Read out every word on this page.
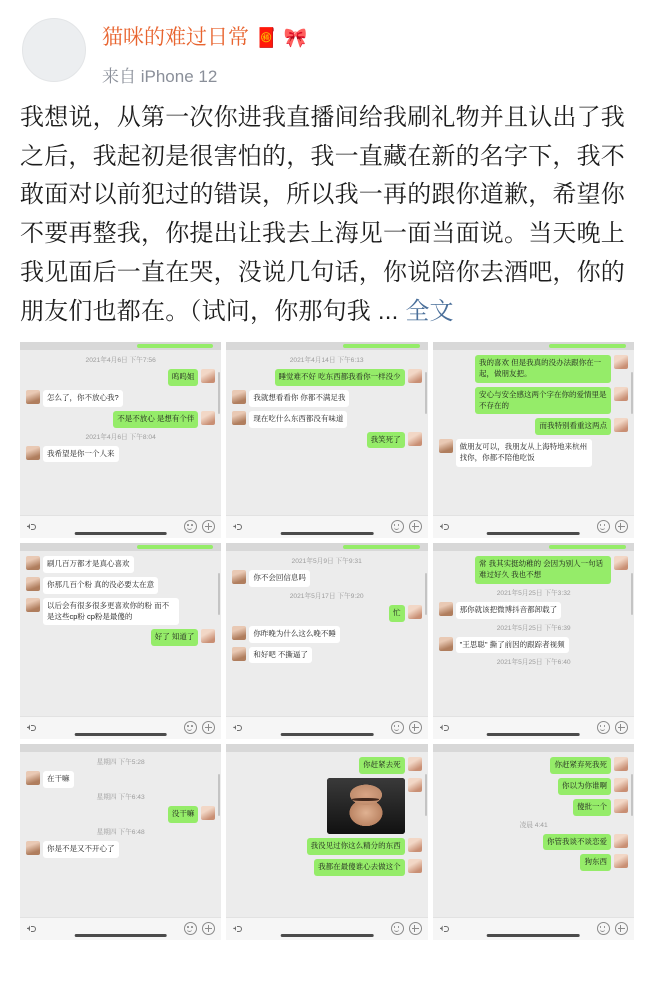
猫咪的难过日常 🧧 🎀
来自 iPhone 12
我想说，从第一次你进我直播间给我刷礼物并且认出了我之后，我起初是很害怕的，我一直藏在新的名字下，我不敢面对以前犯过的错误，所以我一再的跟你道歉，希望你不要再整我，你提出让我去上海见一面当面说。当天晚上我见面后一直在哭，没说几句话，你说陪你去酒吧，你的朋友们也都在。（试问，你那句我 ... 全文
2021年4月6日 下午7:56
呜呜姐
怎么了，你不放心我?
不是不放心 是想有个伴
2021年4月6日 下午8:04
我希望是你一个人来
2021年4月14日 下午6:13
睡觉难不好 吃东西都我看你一样没少
我就想看看你 你都不满足我
现在吃什么东西都没有味道
我笑死了
我的喜欢 但是我真的没办法跟你在一起，做朋友把。
安心与安全感这两个字在你的爱情里是不存在的
而我特别看重这两点
做朋友可以，我朋友从上海特地来杭州找你，你都不陪他吃饭
刷几百万都才是真心喜欢
你那几百个粉 真的没必要太在意
以后会有很多很多更喜欢你的粉 而不是这些cp粉 cp粉是最傻的
好了 知道了
2021年5月9日 下午9:31
你不会回信息吗
2021年5月17日 下午9:20
忙
你昨晚为什么这么晚不睡
和好吧 不撕逼了
常 我其实挺幼稚的 会因为别人一句话难过好久 我也不想
2021年5月25日 下午3:32
那你就该把微博抖音都卸载了
2021年5月25日 下午6:39
"王思聪" 撕了前因的跟踪者视频
2021年5月25日 下午6:40
星期四 下午5:28
在干嘛
星期四 下午6:43
没干嘛
星期四 下午6:48
你是不是又不开心了
你赶紧去死
我没见过你这么精分的东西
我都在最傻谁心去做这个
你赶紧弃死我死
你以为你谁啊
傻批一个
凌晨 4:41
你管我谈不谈恋爱
狗东西
